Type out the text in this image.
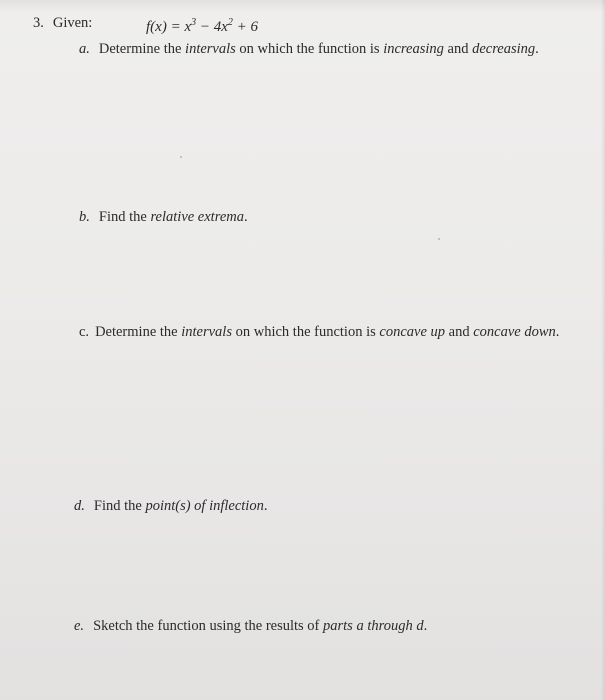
3. Given:	$f(x) = x^3 - 4x^2 + 6$
a. Determine the intervals on which the function is increasing and decreasing.
b. Find the relative extrema.
c. Determine the intervals on which the function is concave up and concave down.
d. Find the point(s) of inflection.
e. Sketch the function using the results of parts a through d.
